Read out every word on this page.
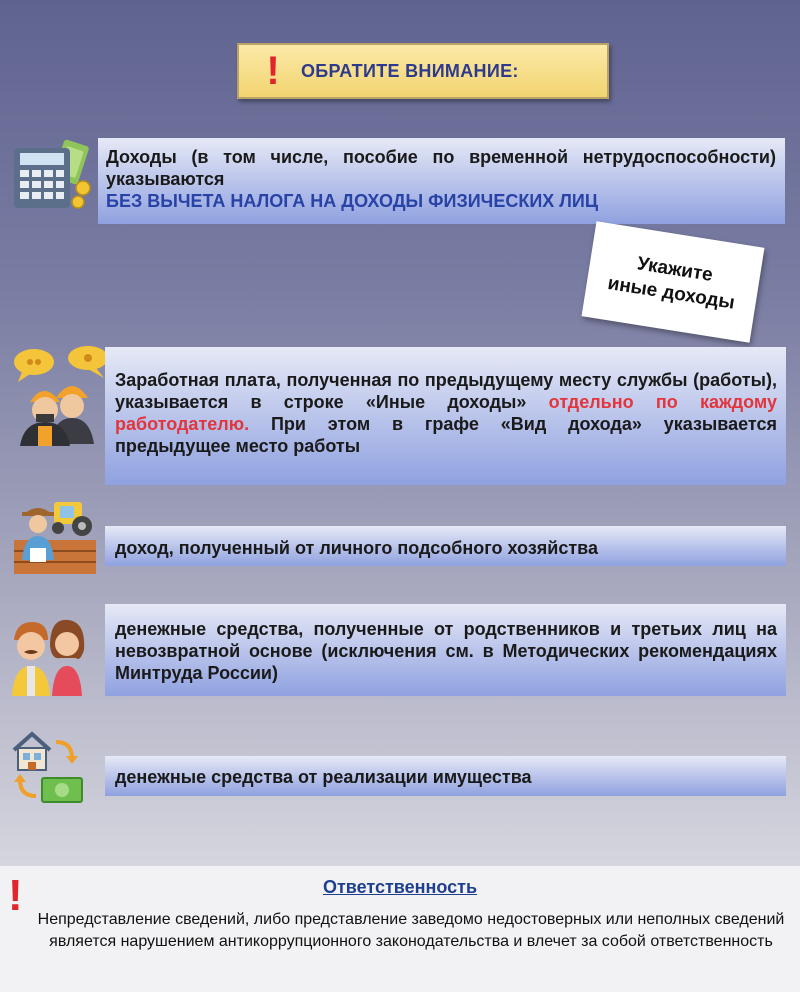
!	ОБРАТИТЕ ВНИМАНИЕ:
Доходы (в том числе, пособие по временной нетрудоспособности) указываются
БЕЗ ВЫЧЕТА НАЛОГА НА ДОХОДЫ ФИЗИЧЕСКИХ ЛИЦ
Укажите иные доходы
Заработная плата, полученная по предыдущему месту службы (работы), указывается в строке «Иные доходы» отдельно по каждому работодателю. При этом в графе «Вид дохода» указывается предыдущее место работы
доход, полученный от личного подсобного хозяйства
денежные средства, полученные от родственников и третьих лиц на невозвратной основе (исключения см. в Методических рекомендациях Минтруда России)
денежные средства от реализации имущества
!	Ответственность
Непредставление сведений, либо представление заведомо недостоверных или неполных сведений является нарушением антикоррупционного законодательства и влечет за собой ответственность
